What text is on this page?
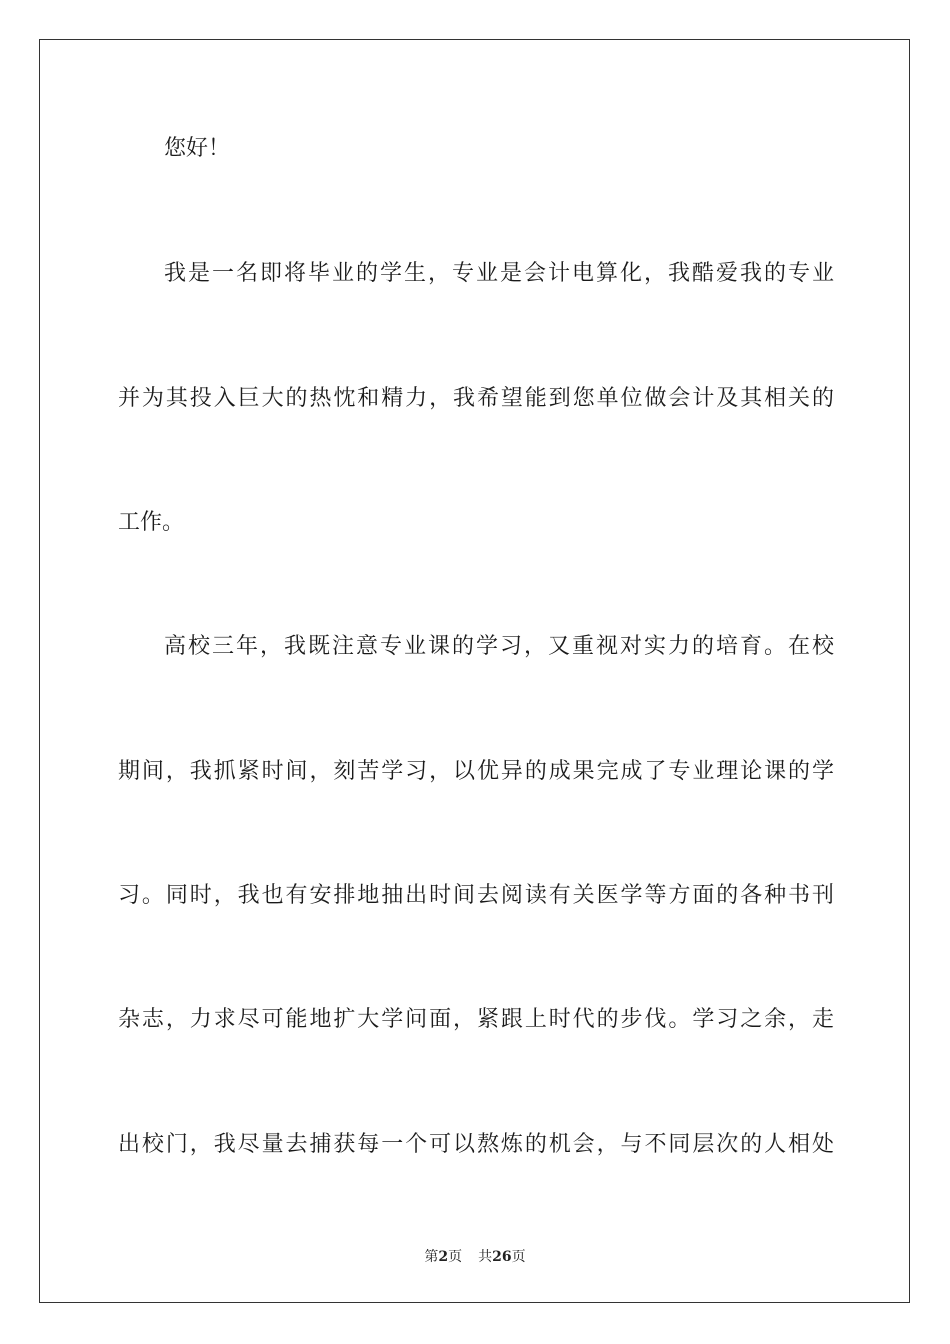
您好！
我是一名即将毕业的学生，专业是会计电算化，我酷爱我的专业
并为其投入巨大的热忱和精力，我希望能到您单位做会计及其相关的
工作。
高校三年，我既注意专业课的学习，又重视对实力的培育。在校
期间，我抓紧时间，刻苦学习，以优异的成果完成了专业理论课的学
习。同时，我也有安排地抽出时间去阅读有关医学等方面的各种书刊
杂志，力求尽可能地扩大学问面，紧跟上时代的步伐。学习之余，走
出校门，我尽量去捕获每一个可以熬炼的机会，与不同层次的人相处
第2页 共26页
